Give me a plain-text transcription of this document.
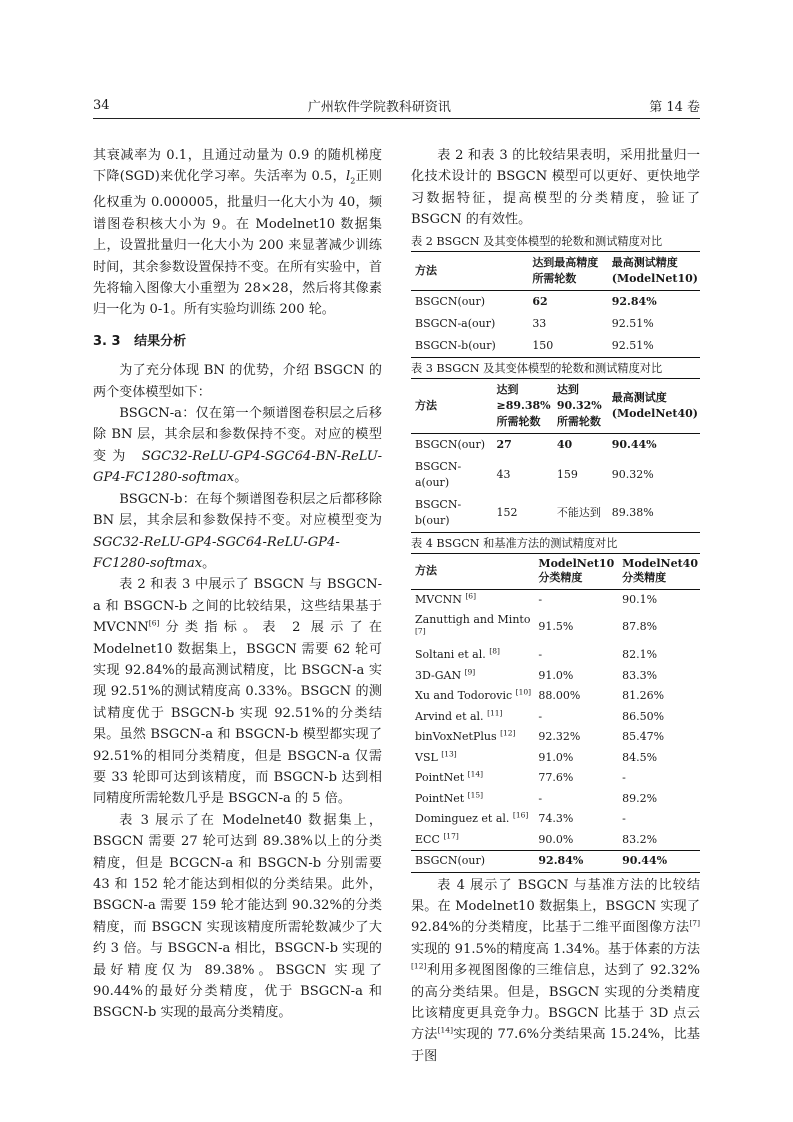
34	广州软件学院教科研资讯	第 14 卷

其衰减率为 0.1，且通过动量为 0.9 的随机梯度下降(SGD)来优化学习率。失活率为 0.5，$l_2$正则化权重为 0.000005，批量归一化大小为 40，频谱图卷积核大小为 9。在 Modelnet10 数据集上，设置批量归一化大小为 200 来显著减少训练时间，其余参数设置保持不变。在所有实验中，首先将输入图像大小重塑为 28×28，然后将其像素归一化为 0-1。所有实验均训练 200 轮。

3. 3 结果分析

为了充分体现 BN 的优势，介绍 BSGCN 的两个变体模型如下：

BSGCN-a：仅在第一个频谱图卷积层之后移除 BN 层，其余层和参数保持不变。对应的模型变为 SGC32-ReLU-GP4-SGC64-BN-ReLU-GP4-FC1280-softmax。

BSGCN-b：在每个频谱图卷积层之后都移除 BN 层，其余层和参数保持不变。对应模型变为 SGC32-ReLU-GP4-SGC64-ReLU-GP4-FC1280-softmax。

表 2 和表 3 中展示了 BSGCN 与 BSGCN-a 和 BSGCN-b 之间的比较结果，这些结果基于 MVCNN[6]分类指标。表 2 展示了在 Modelnet10 数据集上，BSGCN 需要 62 轮可实现 92.84%的最高测试精度，比 BSGCN-a 实现 92.51%的测试精度高 0.33%。BSGCN 的测试精度优于 BSGCN-b 实现 92.51%的分类结果。虽然 BSGCN-a 和 BSGCN-b 模型都实现了 92.51%的相同分类精度，但是 BSGCN-a 仅需要 33 轮即可达到该精度，而 BSGCN-b 达到相同精度所需轮数几乎是 BSGCN-a 的 5 倍。

表 3 展示了在 Modelnet40 数据集上，BSGCN 需要 27 轮可达到 89.38%以上的分类精度，但是 BCGCN-a 和 BSGCN-b 分别需要 43 和 152 轮才能达到相似的分类结果。此外，BSGCN-a 需要 159 轮才能达到 90.32%的分类精度，而 BSGCN 实现该精度所需轮数减少了大约 3 倍。与 BSGCN-a 相比，BSGCN-b 实现的最好精度仅为 89.38%。BSGCN 实现了 90.44%的最好分类精度，优于 BSGCN-a 和 BSGCN-b 实现的最高分类精度。

表 2 和表 3 的比较结果表明，采用批量归一化技术设计的 BSGCN 模型可以更好、更快地学习数据特征，提高模型的分类精度，验证了 BSGCN 的有效性。

表 2 BSGCN 及其变体模型的轮数和测试精度对比
方法	达到最高精度所需轮数	最高测试精度(ModelNet10)
BSGCN(our)	62	92.84%
BSGCN-a(our)	33	92.51%
BSGCN-b(our)	150	92.51%
表 3 BSGCN 及其变体模型的轮数和测试精度对比
方法	达到≥89.38%所需轮数	达到90.32%所需轮数	最高测试度(ModelNet40)
BSGCN(our)	27	40	90.44%
BSGCN-a(our)	43	159	90.32%
BSGCN-b(our)	152	不能达到	89.38%
表 4 BSGCN 和基准方法的测试精度对比
方法	ModelNet10分类精度	ModelNet40分类精度
MVCNN [6]	-	90.1%
Zanuttigh and Minto [7]	91.5%	87.8%
Soltani et al. [8]	-	82.1%
3D-GAN [9]	91.0%	83.3%
Xu and Todorovic [10]	88.00%	81.26%
Arvind et al. [11]	-	86.50%
binVoxNetPlus [12]	92.32%	85.47%
VSL [13]	91.0%	84.5%
PointNet [14]	77.6%	-
PointNet [15]	-	89.2%
Dominguez et al. [16]	74.3%	-
ECC [17]	90.0%	83.2%
BSGCN(our)	92.84%	90.44%

表 4 展示了 BSGCN 与基准方法的比较结果。在 Modelnet10 数据集上，BSGCN 实现了 92.84%的分类精度，比基于二维平面图像方法[7]实现的 91.5%的精度高 1.34%。基于体素的方法[12]利用多视图图像的三维信息，达到了 92.32%的高分类结果。但是，BSGCN 实现的分类精度比该精度更具竞争力。BSGCN 比基于 3D 点云方法[14]实现的 77.6%分类结果高 15.24%，比基于图
